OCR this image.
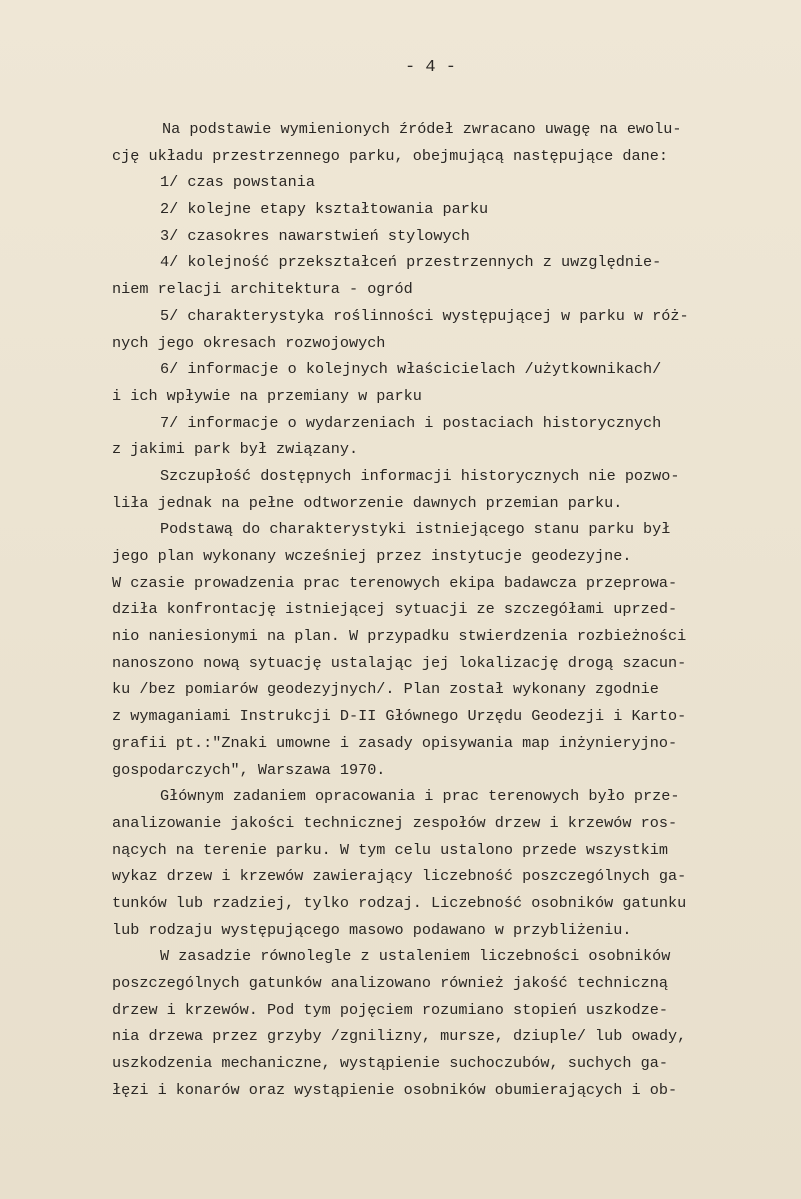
- 4 -
Na podstawie wymienionych źródeł zwracano uwagę na ewolu-
cję układu przestrzennego parku, obejmującą następujące dane:
1/ czas powstania
2/ kolejne etapy kształtowania parku
3/ czasokres nawarstwień stylowych
4/ kolejność przekształceń przestrzennych z uwzględnie-
niem relacji architektura - ogród
5/ charakterystyka roślinności występującej w parku w róż-
nych jego okresach rozwojowych
6/ informacje o kolejnych właścicielach /użytkownikach/
i ich wpływie na przemiany w parku
7/ informacje o wydarzeniach i postaciach historycznych
z jakimi park był związany.
Szczupłość dostępnych informacji historycznych nie pozwo-
liła jednak na pełne odtworzenie dawnych przemian parku.
Podstawą do charakterystyki istniejącego stanu parku był
jego plan wykonany wcześniej przez instytucje geodezyjne.
W czasie prowadzenia prac terenowych ekipa badawcza przeprowa-
dziła konfrontację istniejącej sytuacji ze szczegółami uprzed-
nio naniesionymi na plan. W przypadku stwierdzenia rozbieżności
nanoszono nową sytuację ustalając jej lokalizację drogą szacun-
ku /bez pomiarów geodezyjnych/. Plan został wykonany zgodnie
z wymaganiami Instrukcji D-II Głównego Urzędu Geodezji i Karto-
grafii pt.:"Znaki umowne i zasady opisywania map inżynieryjno-
gospodarczych", Warszawa 1970.
Głównym zadaniem opracowania i prac terenowych było prze-
analizowanie jakości technicznej zespołów drzew i krzewów ros-
nących na terenie parku. W tym celu ustalono przede wszystkim
wykaz drzew i krzewów zawierający liczebność poszczególnych ga-
tunków lub rzadziej, tylko rodzaj. Liczebność osobników gatunku
lub rodzaju występującego masowo podawano w przybliżeniu.
W zasadzie równolegle z ustaleniem liczebności osobników
poszczególnych gatunków analizowano również jakość techniczną
drzew i krzewów. Pod tym pojęciem rozumiano stopień uszkodze-
nia drzewa przez grzyby /zgnilizny, mursze, dziuple/ lub owady,
uszkodzenia mechaniczne, wystąpienie suchoczubów, suchych ga-
łęzi i konarów oraz wystąpienie osobników obumierających i ob-
